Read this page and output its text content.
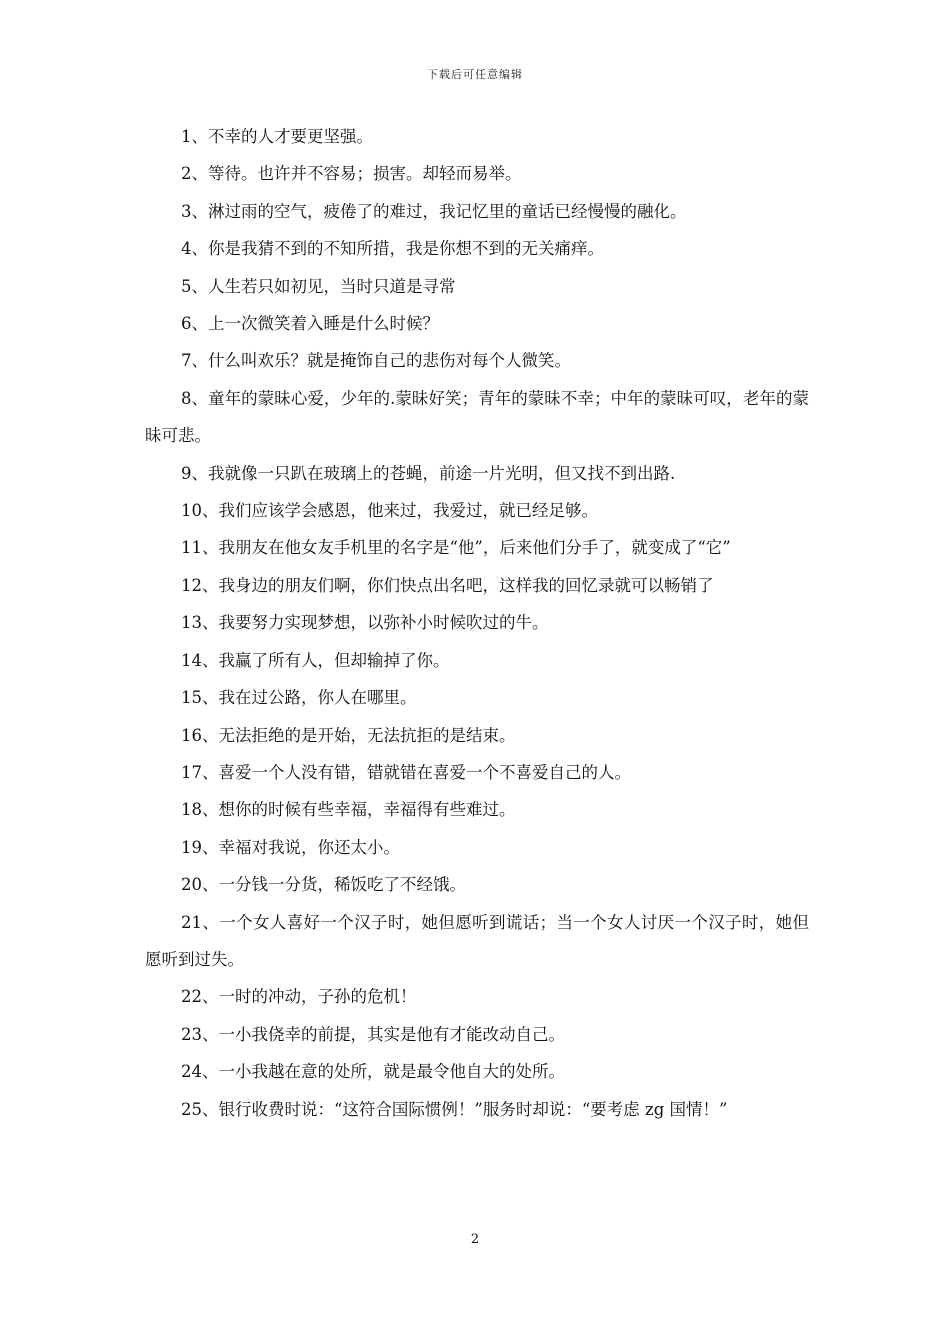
下载后可任意编辑

1、不幸的人才要更坚强。

2、等待。也许并不容易；损害。却轻而易举。

3、淋过雨的空气，疲倦了的难过，我记忆里的童话已经慢慢的融化。

4、你是我猜不到的不知所措，我是你想不到的无关痛痒。

5、人生若只如初见，当时只道是寻常

6、上一次微笑着入睡是什么时候？

7、什么叫欢乐？就是掩饰自己的悲伤对每个人微笑。

8、童年的蒙昧心爱，少年的.蒙昧好笑；青年的蒙昧不幸；中年的蒙昧可叹，老年的蒙昧可悲。

9、我就像一只趴在玻璃上的苍蝇，前途一片光明，但又找不到出路.

10、我们应该学会感恩，他来过，我爱过，就已经足够。

11、我朋友在他女友手机里的名字是“他”，后来他们分手了，就变成了“它”

12、我身边的朋友们啊，你们快点出名吧，这样我的回忆录就可以畅销了

13、我要努力实现梦想，以弥补小时候吹过的牛。

14、我赢了所有人，但却输掉了你。

15、我在过公路，你人在哪里。

16、无法拒绝的是开始，无法抗拒的是结束。

17、喜爱一个人没有错，错就错在喜爱一个不喜爱自己的人。

18、想你的时候有些幸福，幸福得有些难过。

19、幸福对我说，你还太小。

20、一分钱一分货，稀饭吃了不经饿。

21、一个女人喜好一个汉子时，她但愿听到谎话；当一个女人讨厌一个汉子时，她但愿听到过失。

22、一时的冲动，子孙的危机！

23、一小我侥幸的前提，其实是他有才能改动自己。

24、一小我越在意的处所，就是最令他自大的处所。

25、银行收费时说：“这符合国际惯例！”服务时却说：“要考虑 zg 国情！”

2
